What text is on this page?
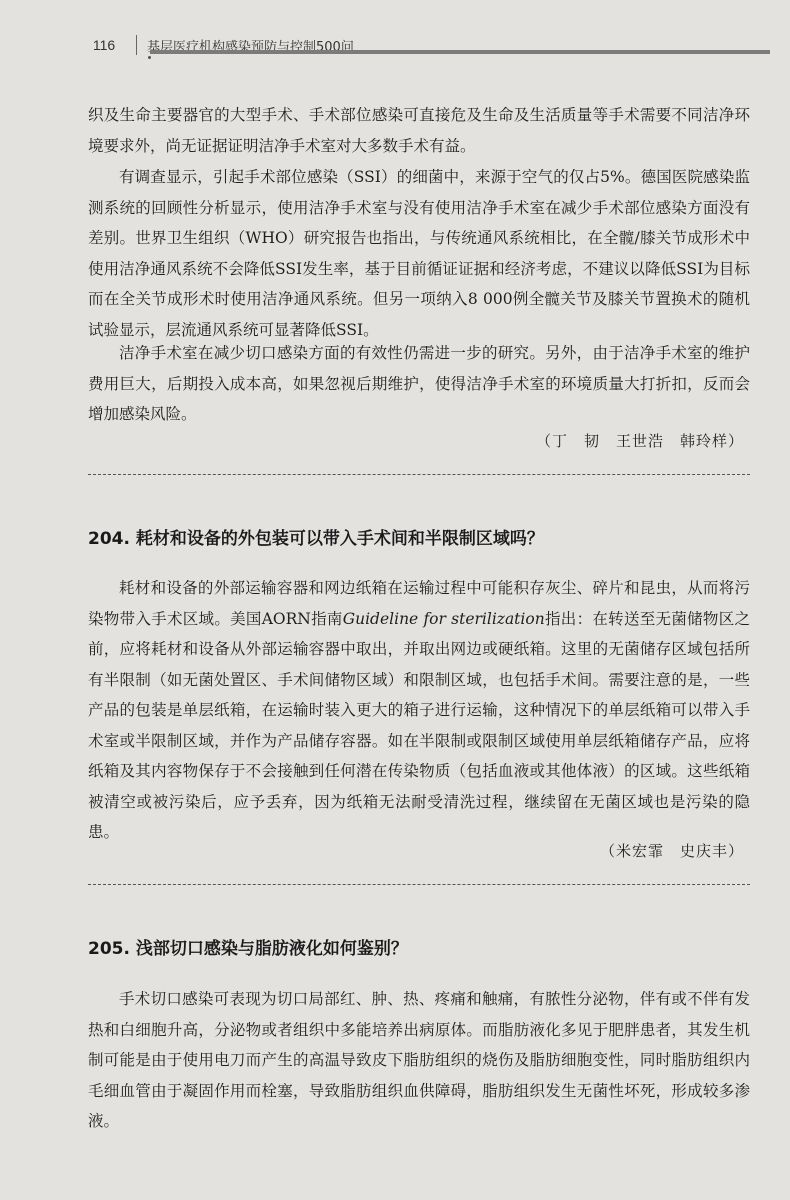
116	基层医疗机构感染预防与控制500问

织及生命主要器官的大型手术、手术部位感染可直接危及生命及生活质量等手术需要不同洁净环境要求外，尚无证据证明洁净手术室对大多数手术有益。

有调查显示，引起手术部位感染（SSI）的细菌中，来源于空气的仅占5%。德国医院感染监测系统的回顾性分析显示，使用洁净手术室与没有使用洁净手术室在减少手术部位感染方面没有差别。世界卫生组织（WHO）研究报告也指出，与传统通风系统相比，在全髋/膝关节成形术中使用洁净通风系统不会降低SSI发生率，基于目前循证证据和经济考虑，不建议以降低SSI为目标而在全关节成形术时使用洁净通风系统。但另一项纳入8 000例全髋关节及膝关节置换术的随机试验显示，层流通风系统可显著降低SSI。

洁净手术室在减少切口感染方面的有效性仍需进一步的研究。另外，由于洁净手术室的维护费用巨大，后期投入成本高，如果忽视后期维护，使得洁净手术室的环境质量大打折扣，反而会增加感染风险。

（丁　韧　王世浩　韩玲样）
204. 耗材和设备的外包装可以带入手术间和半限制区域吗？

耗材和设备的外部运输容器和网边纸箱在运输过程中可能积存灰尘、碎片和昆虫，从而将污染物带入手术区域。美国AORN指南Guideline for sterilization指出：在转送至无菌储物区之前，应将耗材和设备从外部运输容器中取出，并取出网边或硬纸箱。这里的无菌储存区域包括所有半限制（如无菌处置区、手术间储物区域）和限制区域，也包括手术间。需要注意的是，一些产品的包装是单层纸箱，在运输时装入更大的箱子进行运输，这种情况下的单层纸箱可以带入手术室或半限制区域，并作为产品储存容器。如在半限制或限制区域使用单层纸箱储存产品，应将纸箱及其内容物保存于不会接触到任何潜在传染物质（包括血液或其他体液）的区域。这些纸箱被清空或被污染后，应予丢弃，因为纸箱无法耐受清洗过程，继续留在无菌区域也是污染的隐患。

（米宏霏　史庆丰）
205. 浅部切口感染与脂肪液化如何鉴别？

手术切口感染可表现为切口局部红、肿、热、疼痛和触痛，有脓性分泌物，伴有或不伴有发热和白细胞升高，分泌物或者组织中多能培养出病原体。而脂肪液化多见于肥胖患者，其发生机制可能是由于使用电刀而产生的高温导致皮下脂肪组织的烧伤及脂肪细胞变性，同时脂肪组织内毛细血管由于凝固作用而栓塞，导致脂肪组织血供障碍，脂肪组织发生无菌性坏死，形成较多渗液。
